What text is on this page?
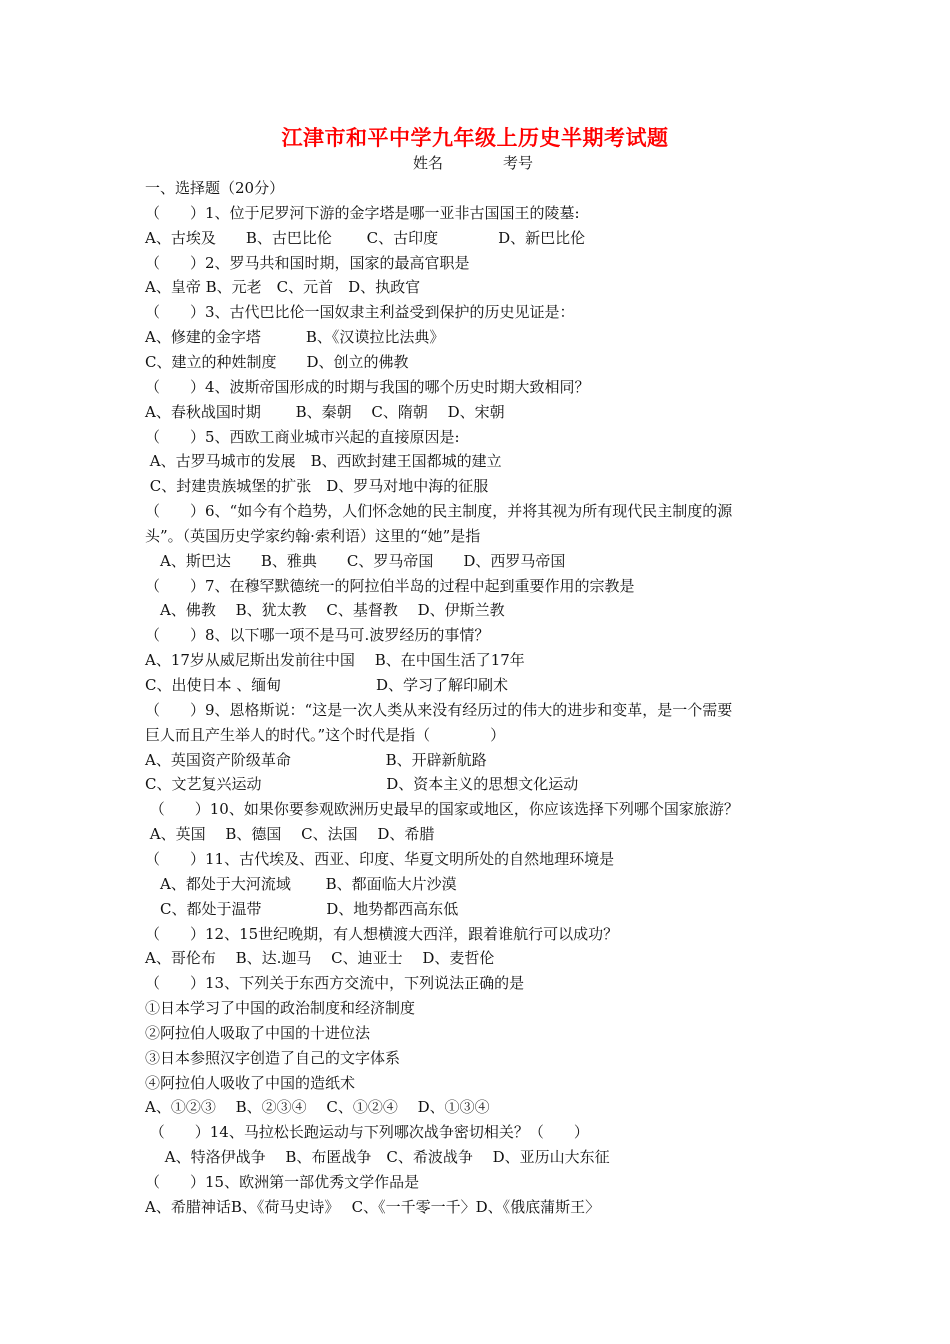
江津市和平中学九年级上历史半期考试题
姓名	考号
一、选择题（20分）
（　　）1、位于尼罗河下游的金字塔是哪一亚非古国国王的陵墓:
A、古埃及　　B、古巴比伦　　 C、古印度　　　　D、新巴比伦
（　　）2、罗马共和国时期，国家的最高官职是
A、皇帝 B、元老　C、元首　D、执政官
（　　）3、古代巴比伦一国奴隶主利益受到保护的历史见证是：
A、修建的金字塔　　　B、《汉谟拉比法典》
C、建立的种姓制度　　D、创立的佛教
（　　）4、波斯帝国形成的时期与我国的哪个历史时期大致相同？
A、春秋战国时期　　 B、秦朝　 C、隋朝　 D、宋朝
（　　）5、西欧工商业城市兴起的直接原因是:
A、古罗马城市的发展　B、西欧封建王国都城的建立
C、封建贵族城堡的扩张　D、罗马对地中海的征服
（　　）6、“如今有个趋势，人们怀念她的民主制度，并将其视为所有现代民主制度的源
头”。（英国历史学家约翰·索利语）这里的“她”是指
　A、斯巴达　　B、雅典　　C、罗马帝国　　D、西罗马帝国
（　　）7、在穆罕默德统一的阿拉伯半岛的过程中起到重要作用的宗教是
　A、佛教　 B、犹太教　 C、基督教　 D、伊斯兰教
（　　）8、以下哪一项不是马可.波罗经历的事情？
A、17岁从威尼斯出发前往中国　 B、在中国生活了17年
C、出使日本 、缅甸　　　　　　 D、学习了解印刷术
（　　）9、恩格斯说：“这是一次人类从来没有经历过的伟大的进步和变革，是一个需要
巨人而且产生举人的时代。”这个时代是指（　　　　）
A、英国资产阶级革命　　　　　　 B、开辟新航路
C、文艺复兴运动　　　　　　　　 D、资本主义的思想文化运动
（　　）10、如果你要参观欧洲历史最早的国家或地区，你应该选择下列哪个国家旅游？
A、英国　 B、德国　 C、法国　 D、希腊
（　　）11、古代埃及、西亚、印度、华夏文明所处的自然地理环境是
　A、都处于大河流域　　 B、都面临大片沙漠
　C、都处于温带　　　　 D、地势都西高东低
（　　）12、15世纪晚期，有人想横渡大西洋，跟着谁航行可以成功？
A、哥伦布　 B、达.迦马　 C、迪亚士　 D、麦哲伦
（　　）13、下列关于东西方交流中，下列说法正确的是
①日本学习了中国的政治制度和经济制度
②阿拉伯人吸取了中国的十进位法
③日本参照汉字创造了自己的文字体系
④阿拉伯人吸收了中国的造纸术
A、①②③　 B、②③④　 C、①②④　 D、①③④
（　　）14、马拉松长跑运动与下列哪次战争密切相关？（　　）
　 A、特洛伊战争　 B、布匿战争　C、希波战争　 D、亚历山大东征
（　　）15、欧洲第一部优秀文学作品是
A、希腊神话B、《荷马史诗》　 C、《一千零一千〉D、《俄底蒲斯王〉
